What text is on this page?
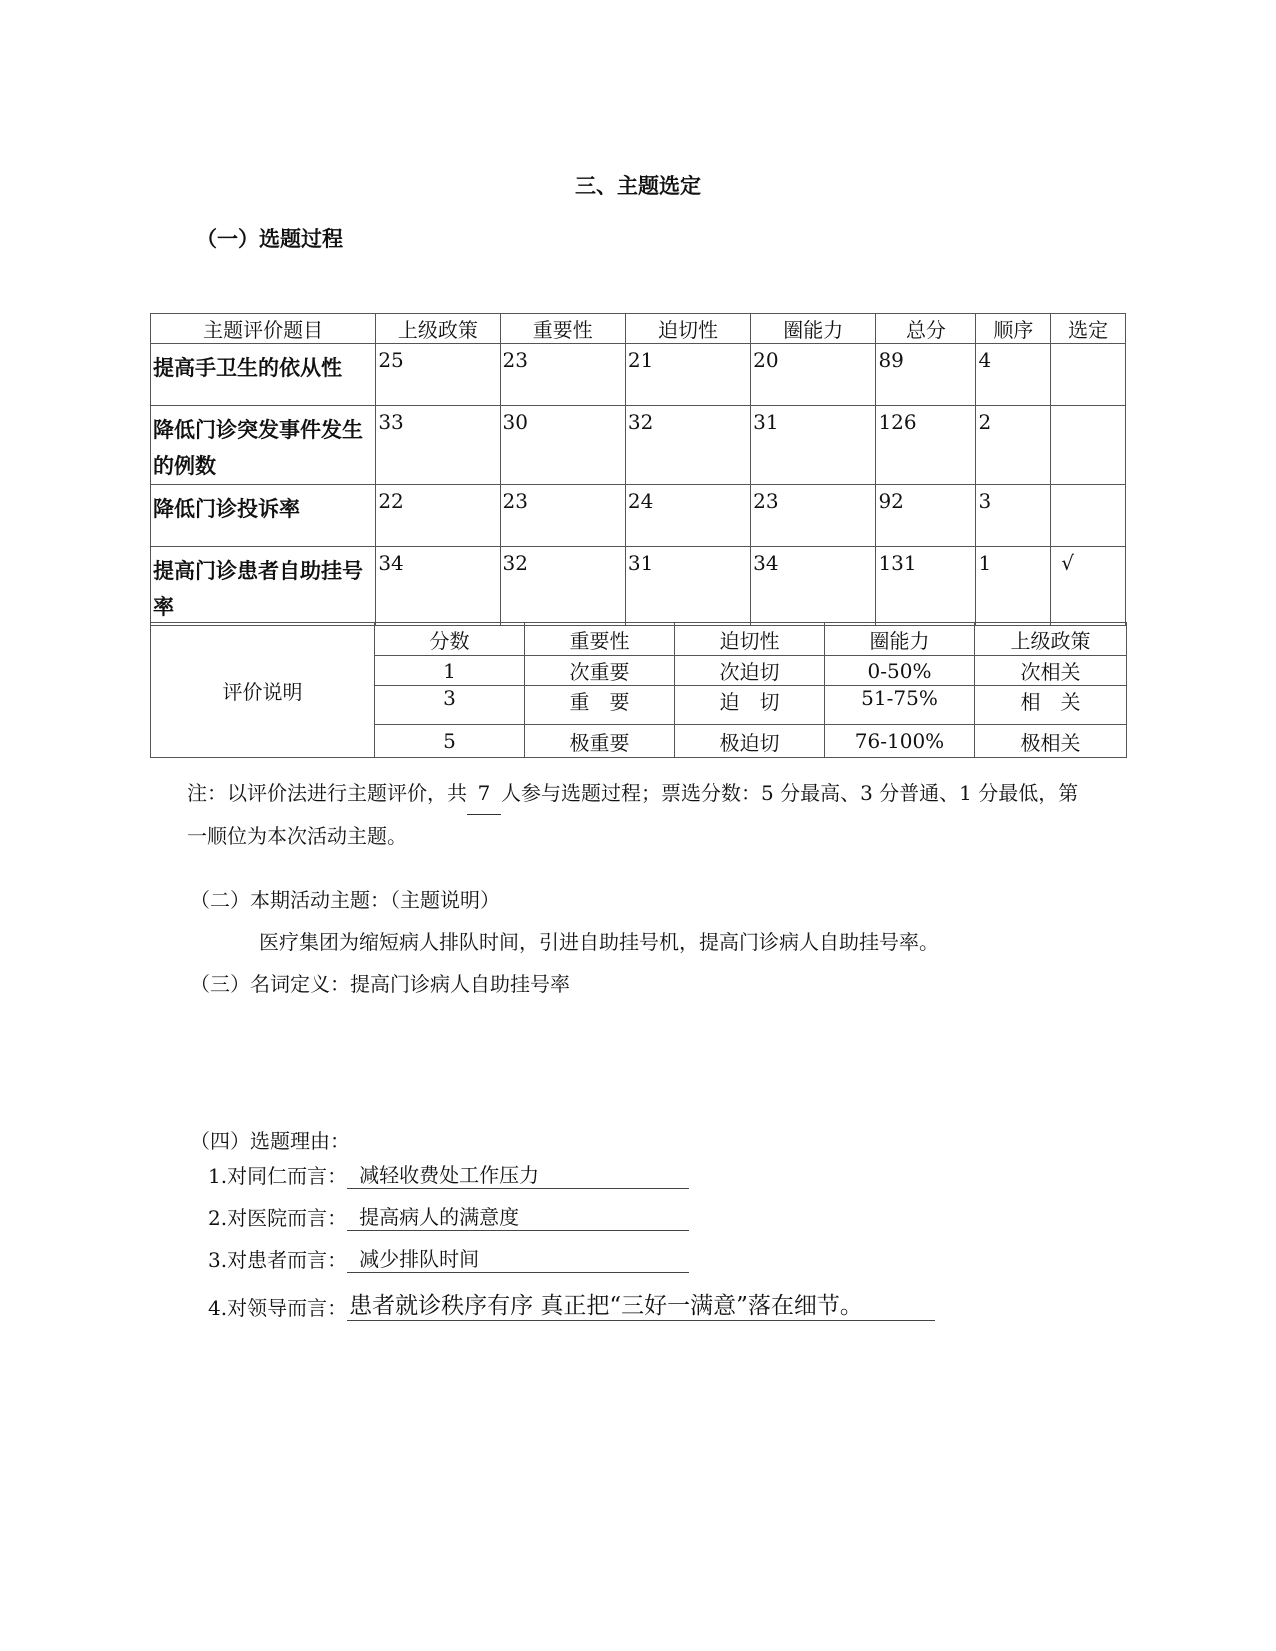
三、主题选定
（一）选题过程
主题评价题目	上级政策	重要性	迫切性	圈能力	总分	顺序	选定
提高手卫生的依从性	25	23	21	20	89	4	
降低门诊突发事件发生的例数	33	30	32	31	126	2	
降低门诊投诉率	22	23	24	23	92	3	
提高门诊患者自助挂号率	34	32	31	34	131	1	√
评价说明	分数	重要性	迫切性	圈能力	上级政策
	1	次重要	次迫切	0-50%	次相关
	3	重　要	迫　切	51-75%	相　关
	5	极重要	极迫切	76-100%	极相关
注：以评价法进行主题评价，共 7 人参与选题过程；票选分数：5 分最高、3 分普通、1 分最低，第一顺位为本次活动主题。
（二）本期活动主题：（主题说明）
医疗集团为缩短病人排队时间，引进自助挂号机，提高门诊病人自助挂号率。
（三）名词定义：提高门诊病人自助挂号率
（四）选题理由：
1.对同仁而言： 减轻收费处工作压力
2.对医院而言： 提高病人的满意度
3.对患者而言： 减少排队时间
4.对领导而言： 患者就诊秩序有序 真正把“三好一满意”落在细节。
